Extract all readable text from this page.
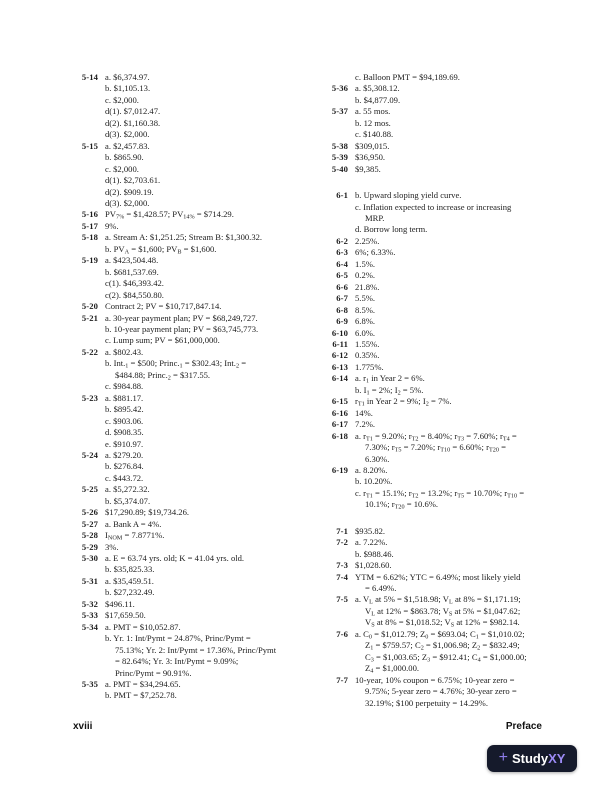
5-14 a. $6,374.97.
b. $1,105.13.
c. $2,000.
d(1). $7,012.47.
d(2). $1,160.38.
d(3). $2,000.
5-15 a. $2,457.83.
b. $865.90.
c. $2,000.
d(1). $2,703.61.
d(2). $909.19.
d(3). $2,000.
5-16 $PV_{7\%}$ = $1,428.57; $PV_{14\%}$ = $714.29.
5-17 9%.
5-18 a. Stream A: $1,251.25; Stream B: $1,300.32.
b. $PV_A$ = $1,600; $PV_B$ = $1,600.
5-19 a. $423,504.48.
b. $681,537.69.
c(1). $46,393.42.
c(2). $84,550.80.
5-20 Contract 2; PV = $10,717,847.14.
5-21 a. 30-year payment plan; PV = $68,249,727.
b. 10-year payment plan; PV = $63,745,773.
c. Lump sum; PV = $61,000,000.
5-22 a. $802.43.
b. $Int._1$ = $500; $Princ._1$ = $302.43; $Int._2$ =
$484.88; $Princ._2$ = $317.55.
c. $984.88.
5-23 a. $881.17.
b. $895.42.
c. $903.06.
d. $908.35.
e. $910.97.
5-24 a. $279.20.
b. $276.84.
c. $443.72.
5-25 a. $5,272.32.
b. $5,374.07.
5-26 $17,290.89; $19,734.26.
5-27 a. Bank A = 4%.
5-28 $I_{NOM} = 7.8771\%$.
5-29 3%.
5-30 a. E = 63.74 yrs. old; K = 41.04 yrs. old.
b. $35,825.33.
5-31 a. $35,459.51.
b. $27,232.49.
5-32 $496.11.
5-33 $17,659.50.
5-34 a. PMT = $10,052.87.
b. Yr. 1: Int/Pymt = 24.87%, Princ/Pymt =
75.13%; Yr. 2: Int/Pymt = 17.36%, Princ/Pymt
= 82.64%; Yr. 3: Int/Pymt = 9.09%;
Princ/Pymt = 90.91%.
5-35 a. PMT = $34,294.65.
b. PMT = $7,252.78.
c. Balloon PMT = $94,189.69.
5-36 a. $5,308.12.
b. $4,877.09.
5-37 a. 55 mos.
b. 12 mos.
c. $140.88.
5-38 $309,015.
5-39 $36,950.
5-40 $9,385.
6-1 b. Upward sloping yield curve.
c. Inflation expected to increase or increasing
MRP.
d. Borrow long term.
6-2 2.25%.
6-3 6%; 6.33%.
6-4 1.5%.
6-5 0.2%.
6-6 21.8%.
6-7 5.5%.
6-8 8.5%.
6-9 6.8%.
6-10 6.0%.
6-11 1.55%.
6-12 0.35%.
6-13 1.775%.
6-14 a. $r_1$ in Year 2 = 6%.
b. $I_1 = 2\%$; $I_2 = 5\%$.
6-15 $r_{T1}$ in Year 2 = 9%; $I_2 = 7\%$.
6-16 14%.
6-17 7.2%.
6-18 a. $r_{T1} = 9.20\%$; $r_{T2} = 8.40\%$; $r_{T3} = 7.60\%$; $r_{T4}$ =
7.30%; $r_{T5} = 7.20\%$; $r_{T10} = 6.60\%$; $r_{T20}$ =
6.30%.
6-19 a. 8.20%.
b. 10.20%.
c. $r_{T1} = 15.1\%$; $r_{T2} = 13.2\%$; $r_{T5} = 10.70\%$; $r_{T10}$ =
10.1%; $r_{T20} = 10.6\%$.
7-1 $935.82.
7-2 a. 7.22%.
b. $988.46.
7-3 $1,028.60.
7-4 YTM = 6.62%; YTC = 6.49%; most likely yield
= 6.49%.
7-5 a. $V_L$ at 5% = $1,518.98; $V_L$ at 8% = $1,171.19;
$V_L$ at 12% = $863.78; $V_S$ at 5% = $1,047.62;
$V_S$ at 8% = $1,018.52; $V_S$ at 12% = $982.14.
7-6 a. $C_0$ = $1,012.79; $Z_0$ = $693.04; $C_1$ = $1,010.02;
$Z_1$ = $759.57; $C_2$ = $1,006.98; $Z_2$ = $832.49;
$C_3$ = $1,003.65; $Z_3$ = $912.41; $C_4$ = $1,000.00;
$Z_4$ = $1,000.00.
7-7 10-year, 10% coupon = 6.75%; 10-year zero =
9.75%; 5-year zero = 4.76%; 30-year zero =
32.19%; $100 perpetuity = 14.29%.
xviii	Preface
+ StudyXY
